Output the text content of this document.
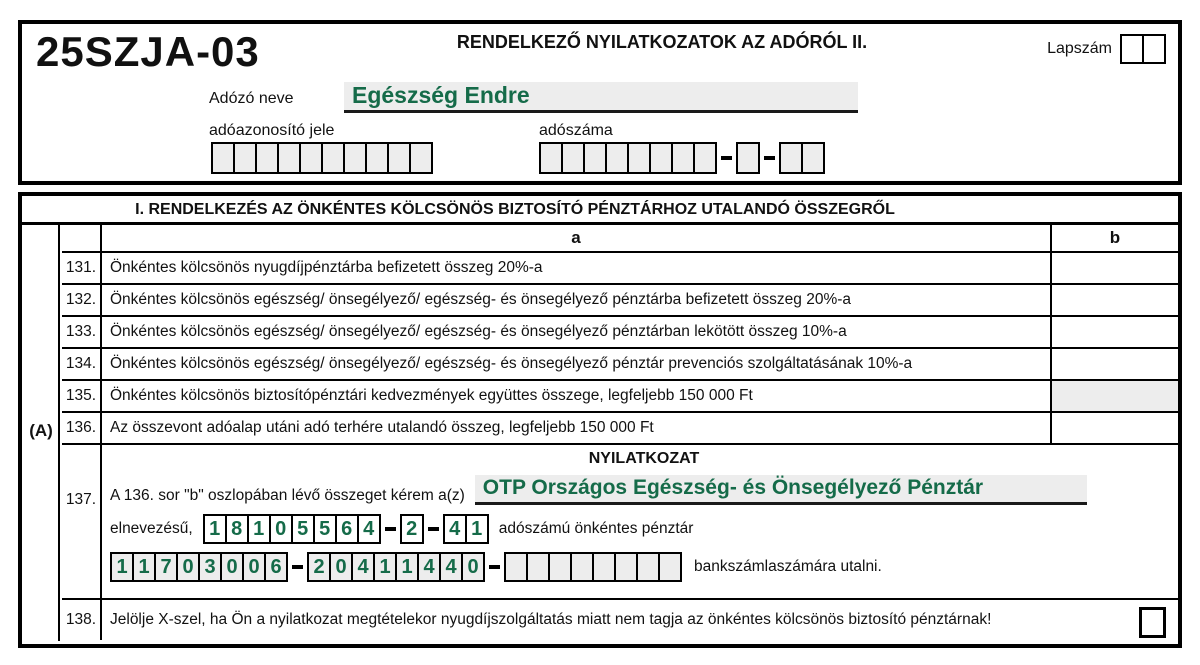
25SZJA-03	RENDELKEZŐ NYILATKOZATOK AZ ADÓRÓL II.	Lapszám
Adózó neve	Egészség Endre
adóazonosító jele	adószáma
I. RENDELKEZÉS AZ ÖNKÉNTES KÖLCSÖNÖS BIZTOSÍTÓ PÉNZTÁRHOZ UTALANDÓ ÖSSZEGRŐL
(A)
a	b
131. Önkéntes kölcsönös nyugdíjpénztárba befizetett összeg 20%-a
132. Önkéntes kölcsönös egészség/ önsegélyező/ egészség- és önsegélyező pénztárba befizetett összeg 20%-a
133. Önkéntes kölcsönös egészség/ önsegélyező/ egészség- és önsegélyező pénztárban lekötött összeg 10%-a
134. Önkéntes kölcsönös egészség/ önsegélyező/ egészség- és önsegélyező pénztár prevenciós szolgáltatásának 10%-a
135. Önkéntes kölcsönös biztosítópénztári kedvezmények együttes összege, legfeljebb 150 000 Ft
136. Az összevont adóalap utáni adó terhére utalandó összeg, legfeljebb 150 000 Ft
137.
NYILATKOZAT
A 136. sor "b" oszlopában lévő összeget kérem a(z) OTP Országos Egészség- és Önsegélyező Pénztár
elnevezésű, 1 8 1 0 5 5 6 4	2	4 1	adószámú önkéntes pénztár
1 1 7 0 3 0 0 6	2 0 4 1 1 4 4 0	bankszámlaszámára utalni.
138. Jelölje X-szel, ha Ön a nyilatkozat megtételekor nyugdíjszolgáltatás miatt nem tagja az önkéntes kölcsönös biztosító pénztárnak!
